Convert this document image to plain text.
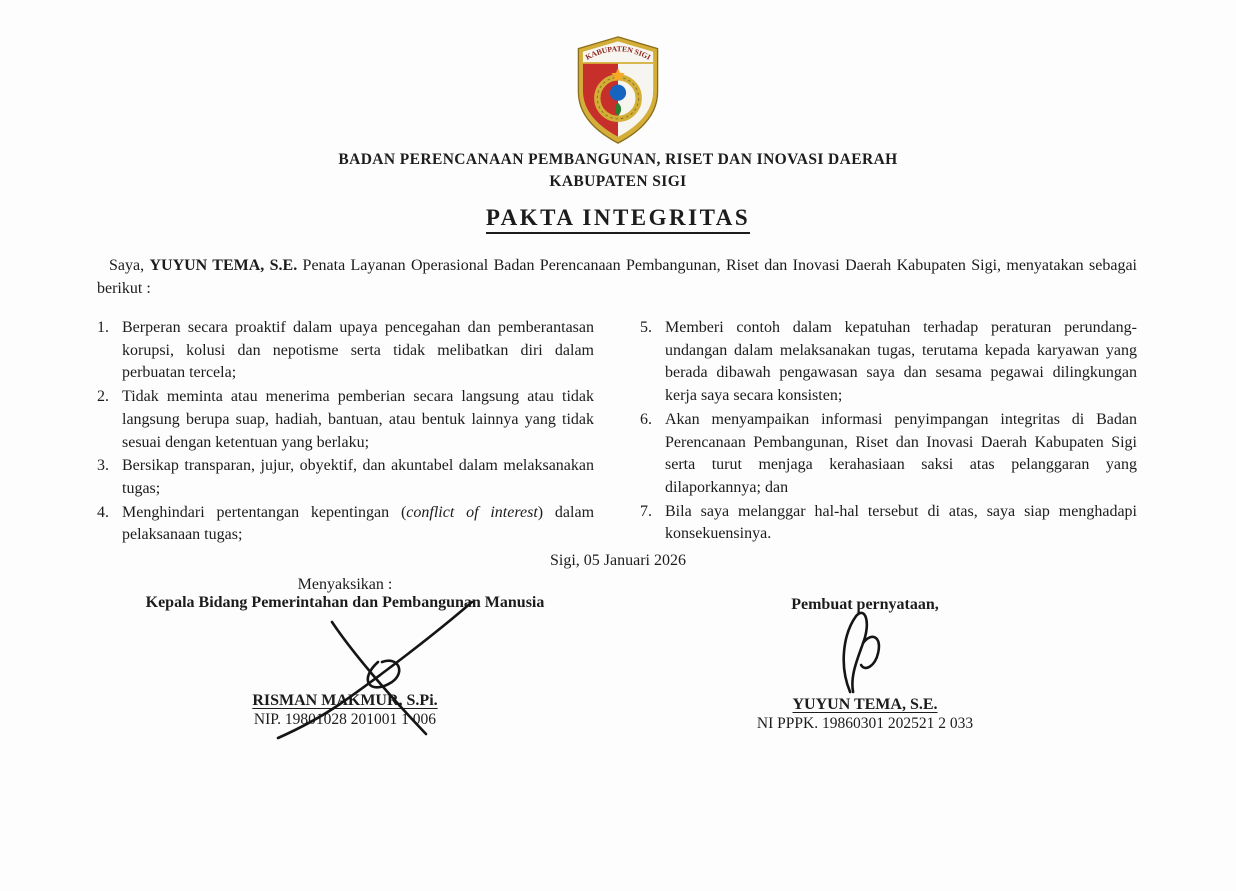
KABUPATEN SIGI
BADAN PERENCANAAN PEMBANGUNAN, RISET DAN INOVASI DAERAH
KABUPATEN SIGI
PAKTA INTEGRITAS

Saya, YUYUN TEMA, S.E. Penata Layanan Operasional Badan Perencanaan Pembangunan, Riset dan Inovasi Daerah Kabupaten Sigi, menyatakan sebagai berikut :

1. Berperan secara proaktif dalam upaya pencegahan dan pemberantasan korupsi, kolusi dan nepotisme serta tidak melibatkan diri dalam perbuatan tercela;
2. Tidak meminta atau menerima pemberian secara langsung atau tidak langsung berupa suap, hadiah, bantuan, atau bentuk lainnya yang tidak sesuai dengan ketentuan yang berlaku;
3. Bersikap transparan, jujur, obyektif, dan akuntabel dalam melaksanakan tugas;
4. Menghindari pertentangan kepentingan (conflict of interest) dalam pelaksanaan tugas;
5. Memberi contoh dalam kepatuhan terhadap peraturan perundang-undangan dalam melaksanakan tugas, terutama kepada karyawan yang berada dibawah pengawasan saya dan sesama pegawai dilingkungan kerja saya secara konsisten;
6. Akan menyampaikan informasi penyimpangan integritas di Badan Perencanaan Pembangunan, Riset dan Inovasi Daerah Kabupaten Sigi serta turut menjaga kerahasiaan saksi atas pelanggaran yang dilaporkannya; dan
7. Bila saya melanggar hal-hal tersebut di atas, saya siap menghadapi konsekuensinya.
Sigi, 05 Januari 2026
Menyaksikan :
Kepala Bidang Pemerintahan dan Pembangunan Manusia
RISMAN MAKMUR, S.Pi.
NIP. 19801028 201001 1 006
Pembuat pernyataan,
YUYUN TEMA, S.E.
NI PPPK. 19860301 202521 2 033
